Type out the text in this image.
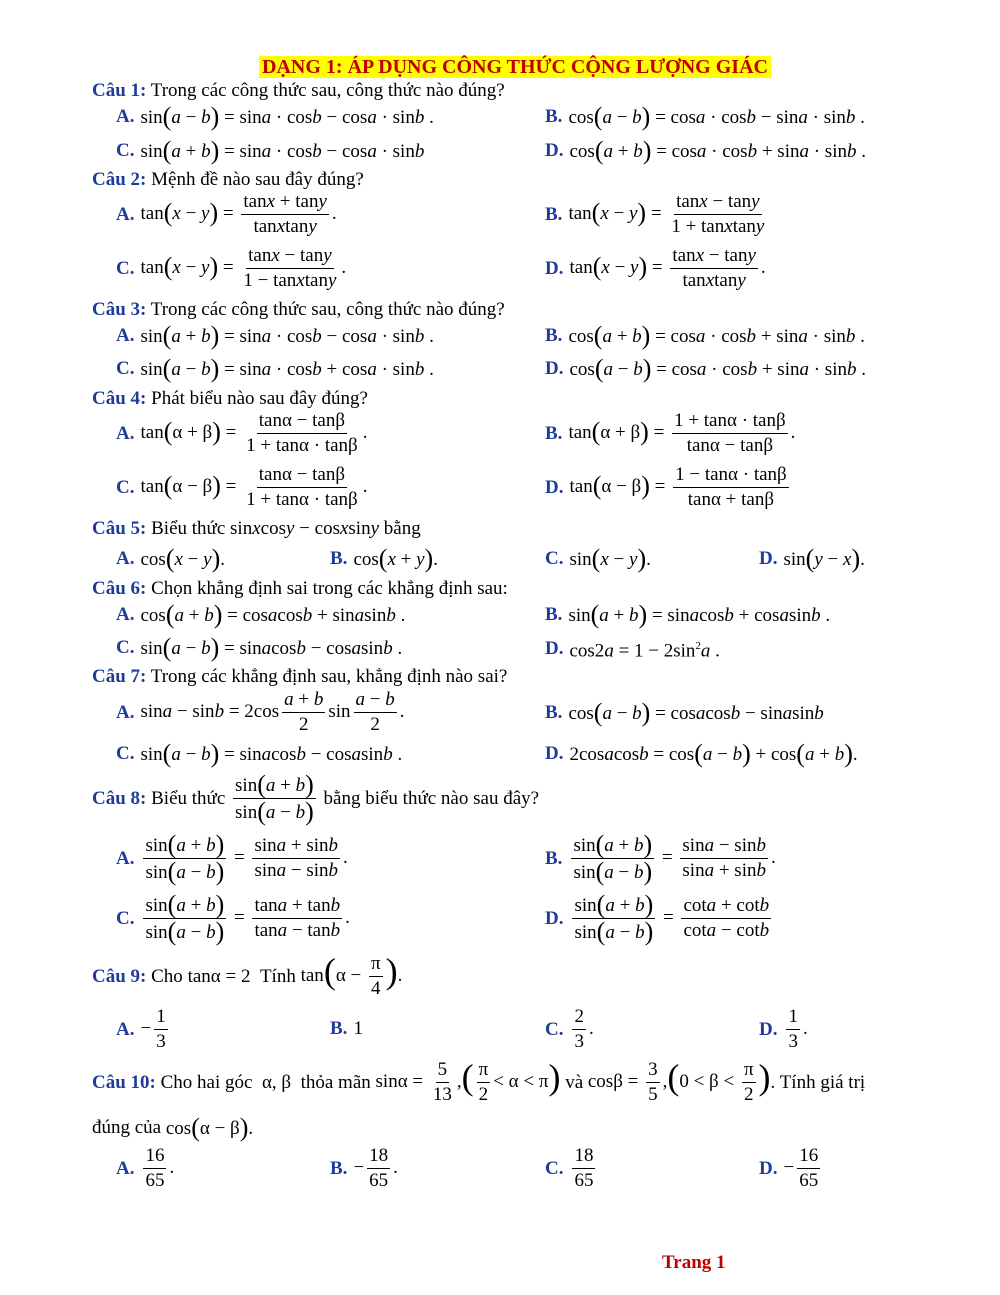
DẠNG 1: ÁP DỤNG CÔNG THỨC CỘNG LƯỢNG GIÁC
Câu 1: Trong các công thức sau, công thức nào đúng?
A. sin(a − b) = sina · cosb − cosa · sinb .	B. cos(a − b) = cosa · cosb − sina · sinb .
C. sin(a + b) = sina · cosb − cosa · sinb	D. cos(a + b) = cosa · cosb + sina · sinb .
Câu 2: Mệnh đề nào sau đây đúng?
A. $\tan(x - y) = \frac{\tan x + \tan y}{\text{tanxtany}}$ .	B. $\tan(x - y) = \frac{\tan x - \tan y}{\text{1 + tanxtany}}$
C. $\tan(x - y) = \frac{\tan x - \tan y}{\text{1 − tanxtany}}$ .	D. $\tan(x - y) = \frac{\tan x - \tan y}{\text{tanxtany}}$ .
Câu 3: Trong các công thức sau, công thức nào đúng?
A. sin(a + b) = sina · cosb − cosa · sinb .	B. cos(a + b) = cosa · cosb + sina · sinb .
C. sin(a − b) = sina · cosb + cosa · sinb .	D. cos(a − b) = cosa · cosb + sina · sinb .
Câu 4: Phát biểu nào sau đây đúng?
A. $\tan(\alpha + \beta) = \frac{\tan\alpha - \tan\beta}{1 + \tan\alpha \cdot \tan\beta}$ .	B. $\tan(\alpha + \beta) = \frac{1 + \tan\alpha \cdot \tan\beta}{\tan\alpha - \tan\beta}$ .
C. $\tan(\alpha - \beta) = \frac{\tan\alpha - \tan\beta}{1 + \tan\alpha \cdot \tan\beta}$ .	D. $\tan(\alpha - \beta) = \frac{1 - \tan\alpha \cdot \tan\beta}{\tan\alpha + \tan\beta}$
Câu 5: Biểu thức sinxcosy − cosxsiny bằng
A. cos(x − y).	B. cos(x + y).	C. sin(x − y).	D. sin(y − x).
Câu 6: Chọn khẳng định sai trong các khẳng định sau:
A. cos(a + b) = cosacosb + sinasinb .	B. sin(a + b) = sinacosb + cosasinb .
C. sin(a − b) = sinacosb − cosasinb .	D. $\cos 2a = 1 - 2\sin^2a$ .
Câu 7: Trong các khẳng định sau, khẳng định nào sai?
A. $\sin a - \sin b = 2\cos \frac{a + b}{2}$ $\sin \frac{a - b}{2}$ .	B. cos(a − b) = cosacosb − sinasinb
C. sin(a − b) = sinacosb − cosasinb .	D. 2cosacosb = cos(a − b) + cos(a + b).
Câu 8:
Biểu thức
$\frac{\sin(a + b)}{\sin(a - b)}$
bằng biểu thức nào sau đây?
A. $\frac{\sin(a + b)}{\sin(a - b)} = \frac{\sin a + \sin b}{\sin a - \sin b}$ .	B. $\frac{\sin(a + b)}{\sin(a - b)} = \frac{\sin a - \sin b}{\sin a + \sin b}$ .
C. $\frac{\sin(a + b)}{\sin(a - b)} = \frac{\tan a + \tan b}{\tan a - \tan b}$ .	D. $\frac{\sin(a + b)}{\sin(a - b)} = \frac{\cot a + \cot b}{\cot a - \cot b}$
Câu 9:
Cho
tanα = 2
Tính
$\tan(\alpha - \frac{\pi}{4}$ ).
A. − $\frac{1}{3}$	B. 1	C. $\frac{2}{3}$ .	D. $\frac{1}{3}$ .
Câu 10:
Cho hai góc
α, β
thỏa mãn
$\sin\alpha = \frac{5}{13}$ ,( $\frac{\pi}{2} < \alpha < \pi$)
và
$\cos\beta = \frac{3}{5} ,(0 < \beta < \frac{\pi}{2}$ ) . Tính giá trị
đúng của
cos(α − β).
A. $\frac{16}{65}$ .	B. − $\frac{18}{65}$ .	C. $\frac{18}{65}$	D. − $\frac{16}{65}$
Trang 1
